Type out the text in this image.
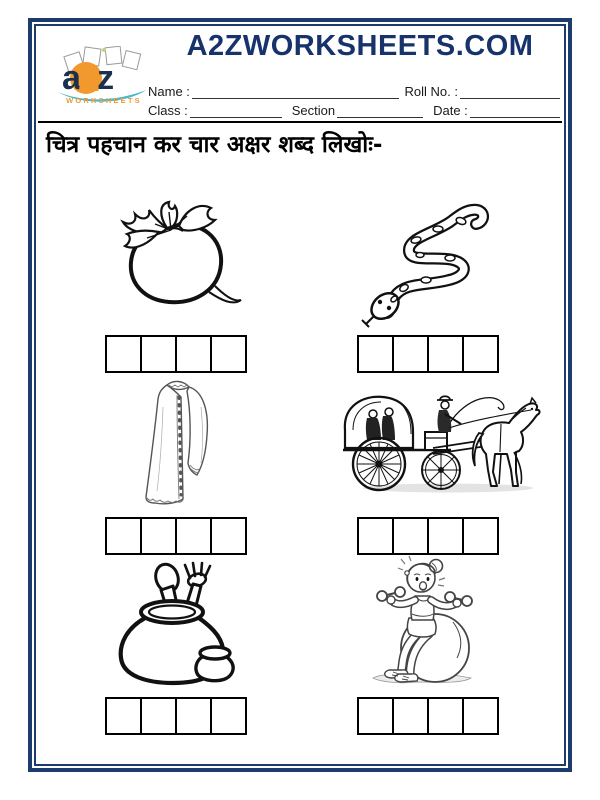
a2z
WORKSHEETS
A2ZWORKSHEETS.COM
Name :	Roll No. :
Class :	Section	Date :
चित्र पहचान कर चार अक्षर शब्द लिखोः-
